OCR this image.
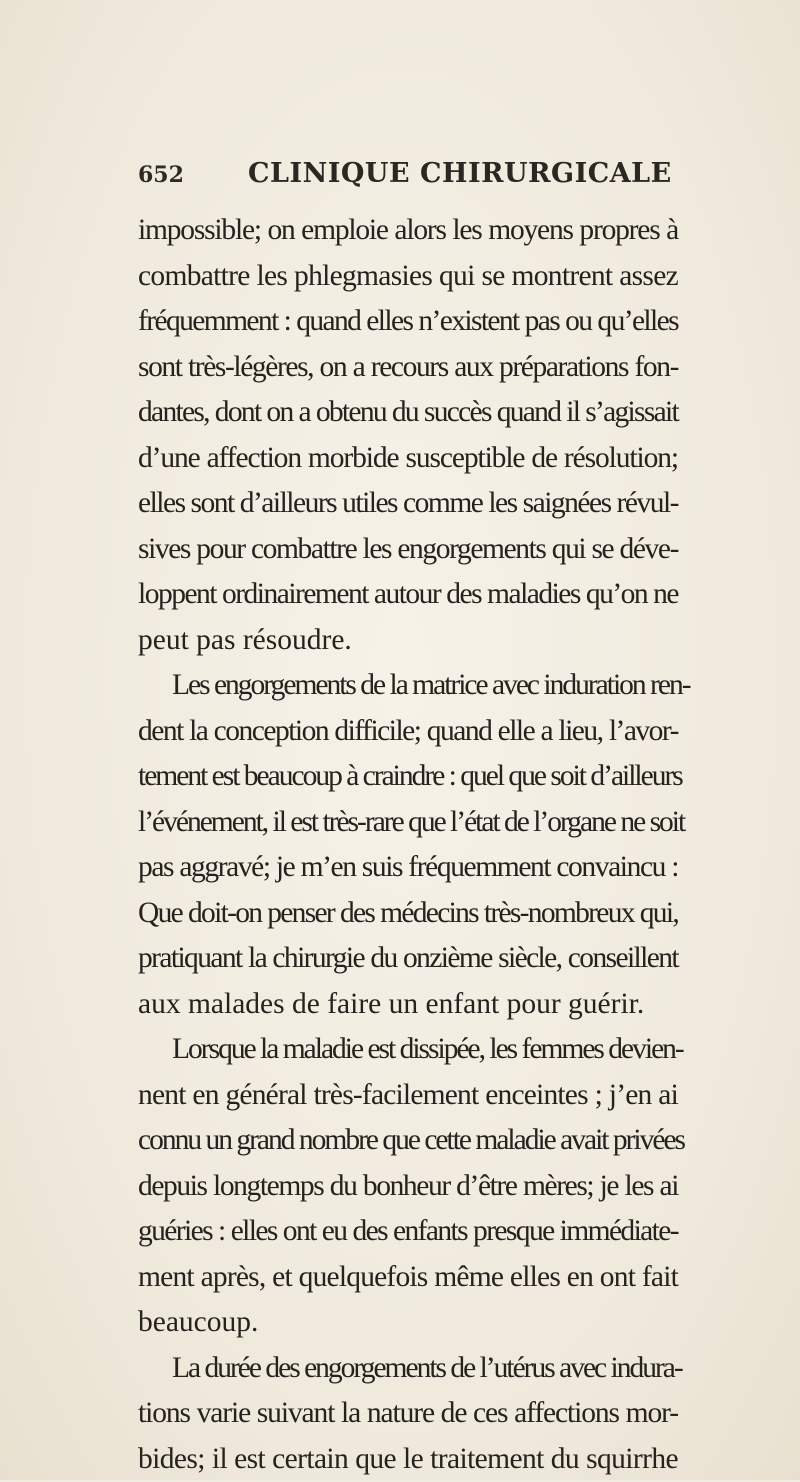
652 CLINIQUE CHIRURGICALE
impossible; on emploie alors les moyens propres à
combattre les phlegmasies qui se montrent assez
fréquemment : quand elles n’existent pas ou qu’elles
sont très-légères, on a recours aux préparations fon-
dantes, dont on a obtenu du succès quand il s’agissait
d’une affection morbide susceptible de résolution;
elles sont d’ailleurs utiles comme les saignées révul-
sives pour combattre les engorgements qui se déve-
loppent ordinairement autour des maladies qu’on ne
peut pas résoudre.
Les engorgements de la matrice avec induration ren-
dent la conception difficile; quand elle a lieu, l’avor-
tement est beaucoup à craindre : quel que soit d’ailleurs
l’événement, il est très-rare que l’état de l’organe ne soit
pas aggravé; je m’en suis fréquemment convaincu :
Que doit-on penser des médecins très-nombreux qui,
pratiquant la chirurgie du onzième siècle, conseillent
aux malades de faire un enfant pour guérir.
Lorsque la maladie est dissipée, les femmes devien-
nent en général très-facilement enceintes ; j’en ai
connu un grand nombre que cette maladie avait privées
depuis longtemps du bonheur d’être mères; je les ai
guéries : elles ont eu des enfants presque immédiate-
ment après, et quelquefois même elles en ont fait
beaucoup.
La durée des engorgements de l’utérus avec indura-
tions varie suivant la nature de ces affections mor-
bides; il est certain que le traitement du squirrhe
